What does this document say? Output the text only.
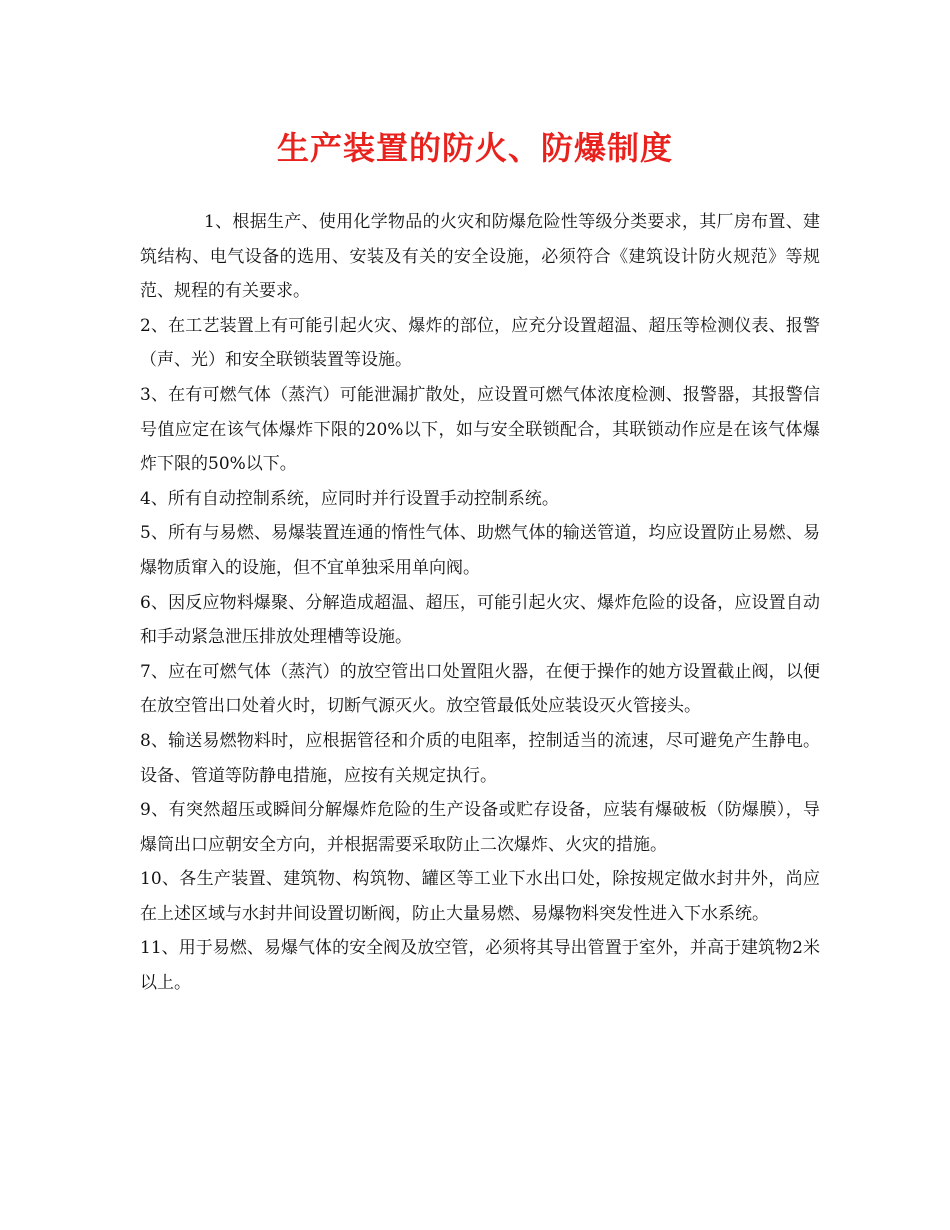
生产装置的防火、防爆制度

1、根据生产、使用化学物品的火灾和防爆危险性等级分类要求，其厂房布置、建筑结构、电气设备的选用、安装及有关的安全设施，必须符合《建筑设计防火规范》等规范、规程的有关要求。

2、在工艺装置上有可能引起火灾、爆炸的部位，应充分设置超温、超压等检测仪表、报警（声、光）和安全联锁装置等设施。

3、在有可燃气体（蒸汽）可能泄漏扩散处，应设置可燃气体浓度检测、报警器，其报警信号值应定在该气体爆炸下限的20%以下，如与安全联锁配合，其联锁动作应是在该气体爆炸下限的50%以下。

4、所有自动控制系统，应同时并行设置手动控制系统。

5、所有与易燃、易爆装置连通的惰性气体、助燃气体的输送管道，均应设置防止易燃、易爆物质窜入的设施，但不宜单独采用单向阀。

6、因反应物料爆聚、分解造成超温、超压，可能引起火灾、爆炸危险的设备，应设置自动和手动紧急泄压排放处理槽等设施。

7、应在可燃气体（蒸汽）的放空管出口处置阻火器，在便于操作的她方设置截止阀，以便在放空管出口处着火时，切断气源灭火。放空管最低处应装设灭火管接头。

8、输送易燃物料时，应根据管径和介质的电阻率，控制适当的流速，尽可避免产生静电。设备、管道等防静电措施，应按有关规定执行。

9、有突然超压或瞬间分解爆炸危险的生产设备或贮存设备，应装有爆破板（防爆膜），导爆筒出口应朝安全方向，并根据需要采取防止二次爆炸、火灾的措施。

10、各生产装置、建筑物、构筑物、罐区等工业下水出口处，除按规定做水封井外，尚应在上述区域与水封井间设置切断阀，防止大量易燃、易爆物料突发性进入下水系统。

11、用于易燃、易爆气体的安全阀及放空管，必须将其导出管置于室外，并高于建筑物2米以上。
